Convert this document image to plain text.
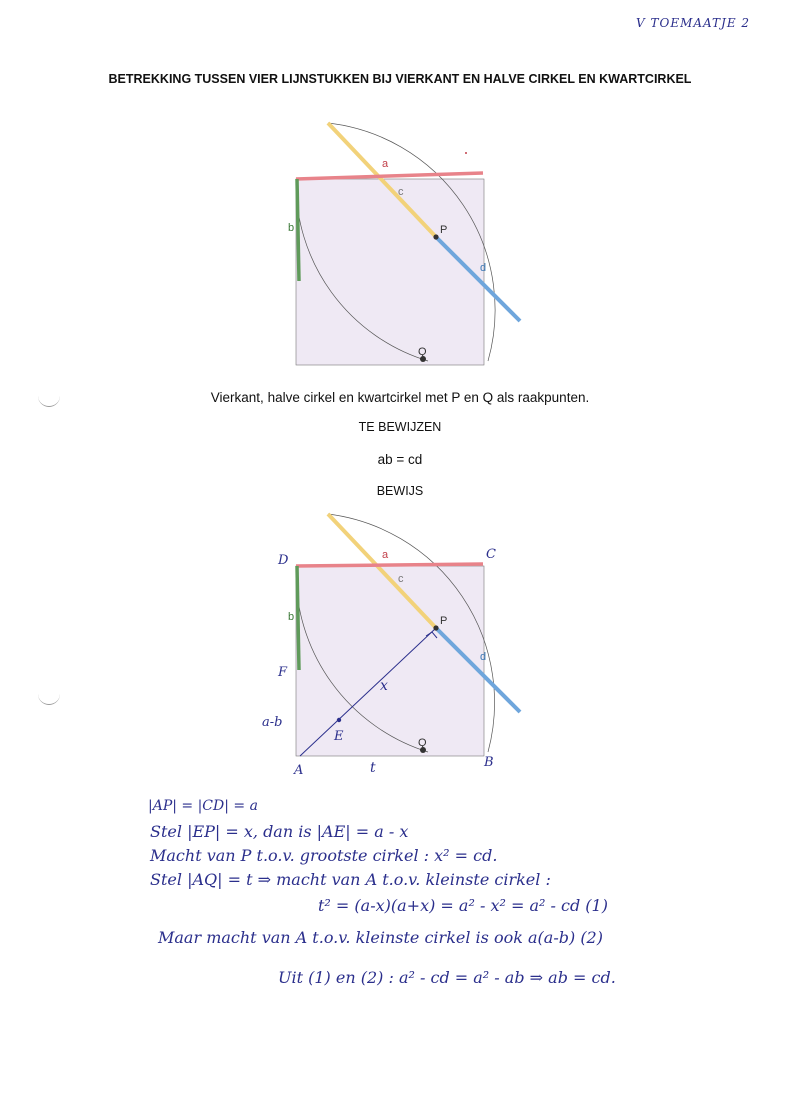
V TOEMAATJE 2
BETREKKING TUSSEN VIER LIJNSTUKKEN BIJ VIERKANT EN HALVE CIRKEL EN KWARTCIRKEL
a
b
c
d
P
Q
Vierkant, halve cirkel en kwartcirkel met P en Q als raakpunten.
TE BEWIJZEN
ab = cd
BEWIJS
a
b
c
d
P
Q
D	C
F
E
A
B
x
t
a-b
|AP| = |CD| = a
Stel |EP| = x, dan is |AE| = a - x
Macht van P t.o.v. grootste cirkel : x² = cd.
Stel |AQ| = t ⇒ macht van A t.o.v. kleinste cirkel :
t² = (a-x)(a+x) = a² - x² = a² - cd (1)
Maar macht van A t.o.v. kleinste cirkel is ook a(a-b) (2)
Uit (1) en (2) : a² - cd = a² - ab ⇒ ab = cd.
